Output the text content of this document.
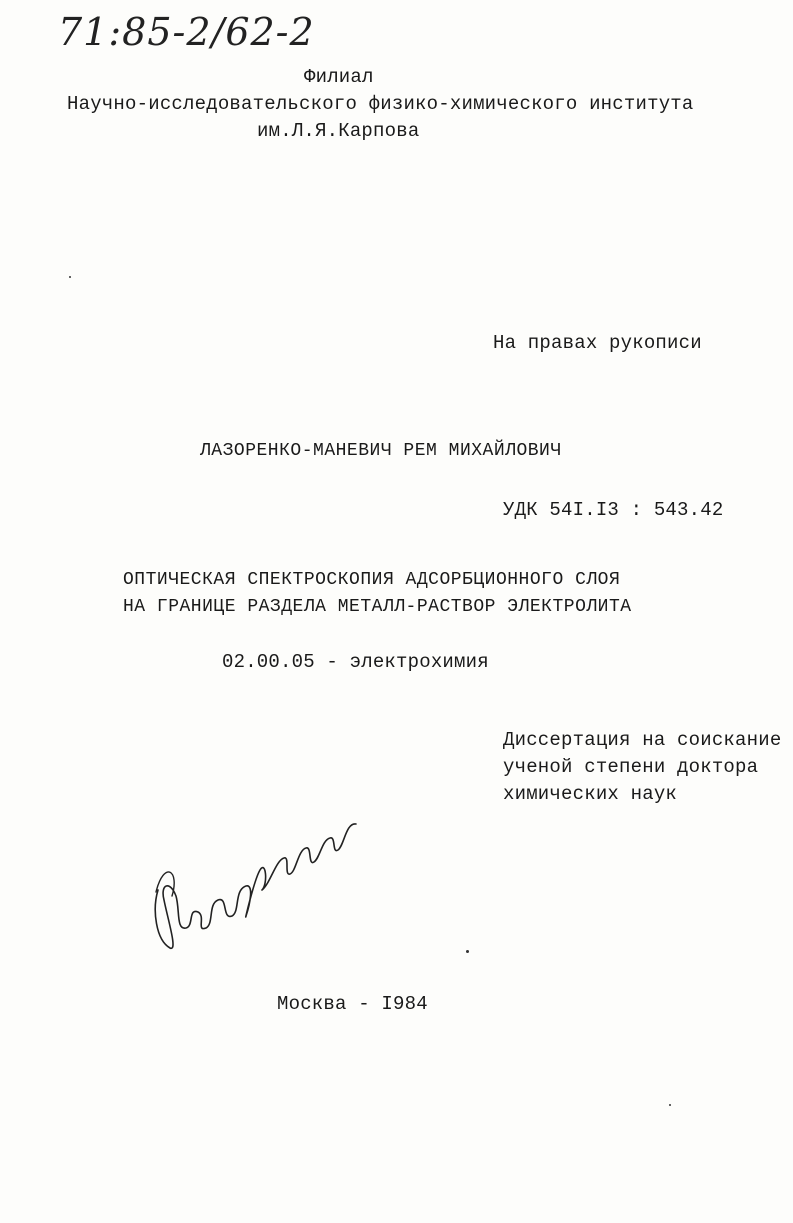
71:85-2/62-2
Филиал
Научно-исследовательского физико-химического института
им.Л.Я.Карпова
На правах рукописи
ЛАЗОРЕНКО-МАНЕВИЧ РЕМ МИХАЙЛОВИЧ
УДК 54I.I3 : 543.42
ОПТИЧЕСКАЯ СПЕКТРОСКОПИЯ АДСОРБЦИОННОГО СЛОЯ
НА ГРАНИЦЕ РАЗДЕЛА МЕТАЛЛ-РАСТВОР ЭЛЕКТРОЛИТА
02.00.05 - электрохимия
Диссертация на соискание
ученой степени доктора
химических наук
Москва - I984
